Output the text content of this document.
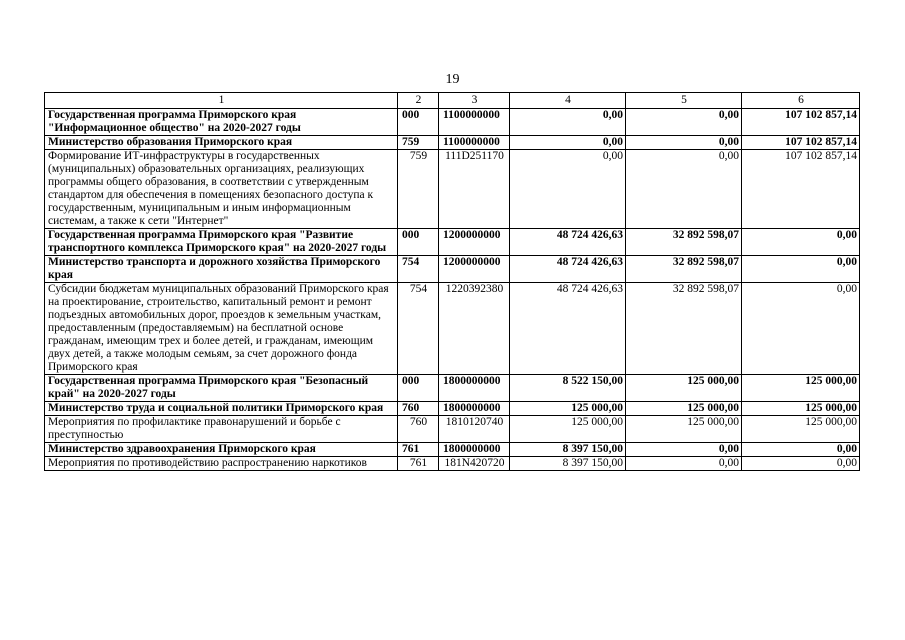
19
1	2	3	4	5	6
Государственная программа Приморского края "Информационное общество" на 2020-2027 годы	000	1100000000	0,00	0,00	107 102 857,14
Министерство образования Приморского края	759	1100000000	0,00	0,00	107 102 857,14
Формирование ИТ-инфраструктуры в государственных (муниципальных) образовательных организациях, реализующих программы общего образования, в соответствии с утвержденным стандартом для обеспечения в помещениях безопасного доступа к государственным, муниципальным и иным информационным системам, а также к сети "Интернет"	759	111D251170	0,00	0,00	107 102 857,14
Государственная программа Приморского края "Развитие транспортного комплекса Приморского края" на 2020-2027 годы	000	1200000000	48 724 426,63	32 892 598,07	0,00
Министерство транспорта и дорожного хозяйства Приморского края	754	1200000000	48 724 426,63	32 892 598,07	0,00
Субсидии бюджетам муниципальных образований Приморского края на проектирование, строительство, капитальный ремонт и ремонт подъездных автомобильных дорог, проездов к земельным участкам, предоставленным (предоставляемым) на бесплатной основе гражданам, имеющим трех и более детей, и гражданам, имеющим двух детей, а также молодым семьям, за счет дорожного фонда Приморского края	754	1220392380	48 724 426,63	32 892 598,07	0,00
Государственная программа Приморского края "Безопасный край" на 2020-2027 годы	000	1800000000	8 522 150,00	125 000,00	125 000,00
Министерство труда и социальной политики Приморского края	760	1800000000	125 000,00	125 000,00	125 000,00
Мероприятия по профилактике правонарушений и борьбе с преступностью	760	1810120740	125 000,00	125 000,00	125 000,00
Министерство здравоохранения Приморского края	761	1800000000	8 397 150,00	0,00	0,00
Мероприятия по противодействию распространению наркотиков	761	181N420720	8 397 150,00	0,00	0,00
